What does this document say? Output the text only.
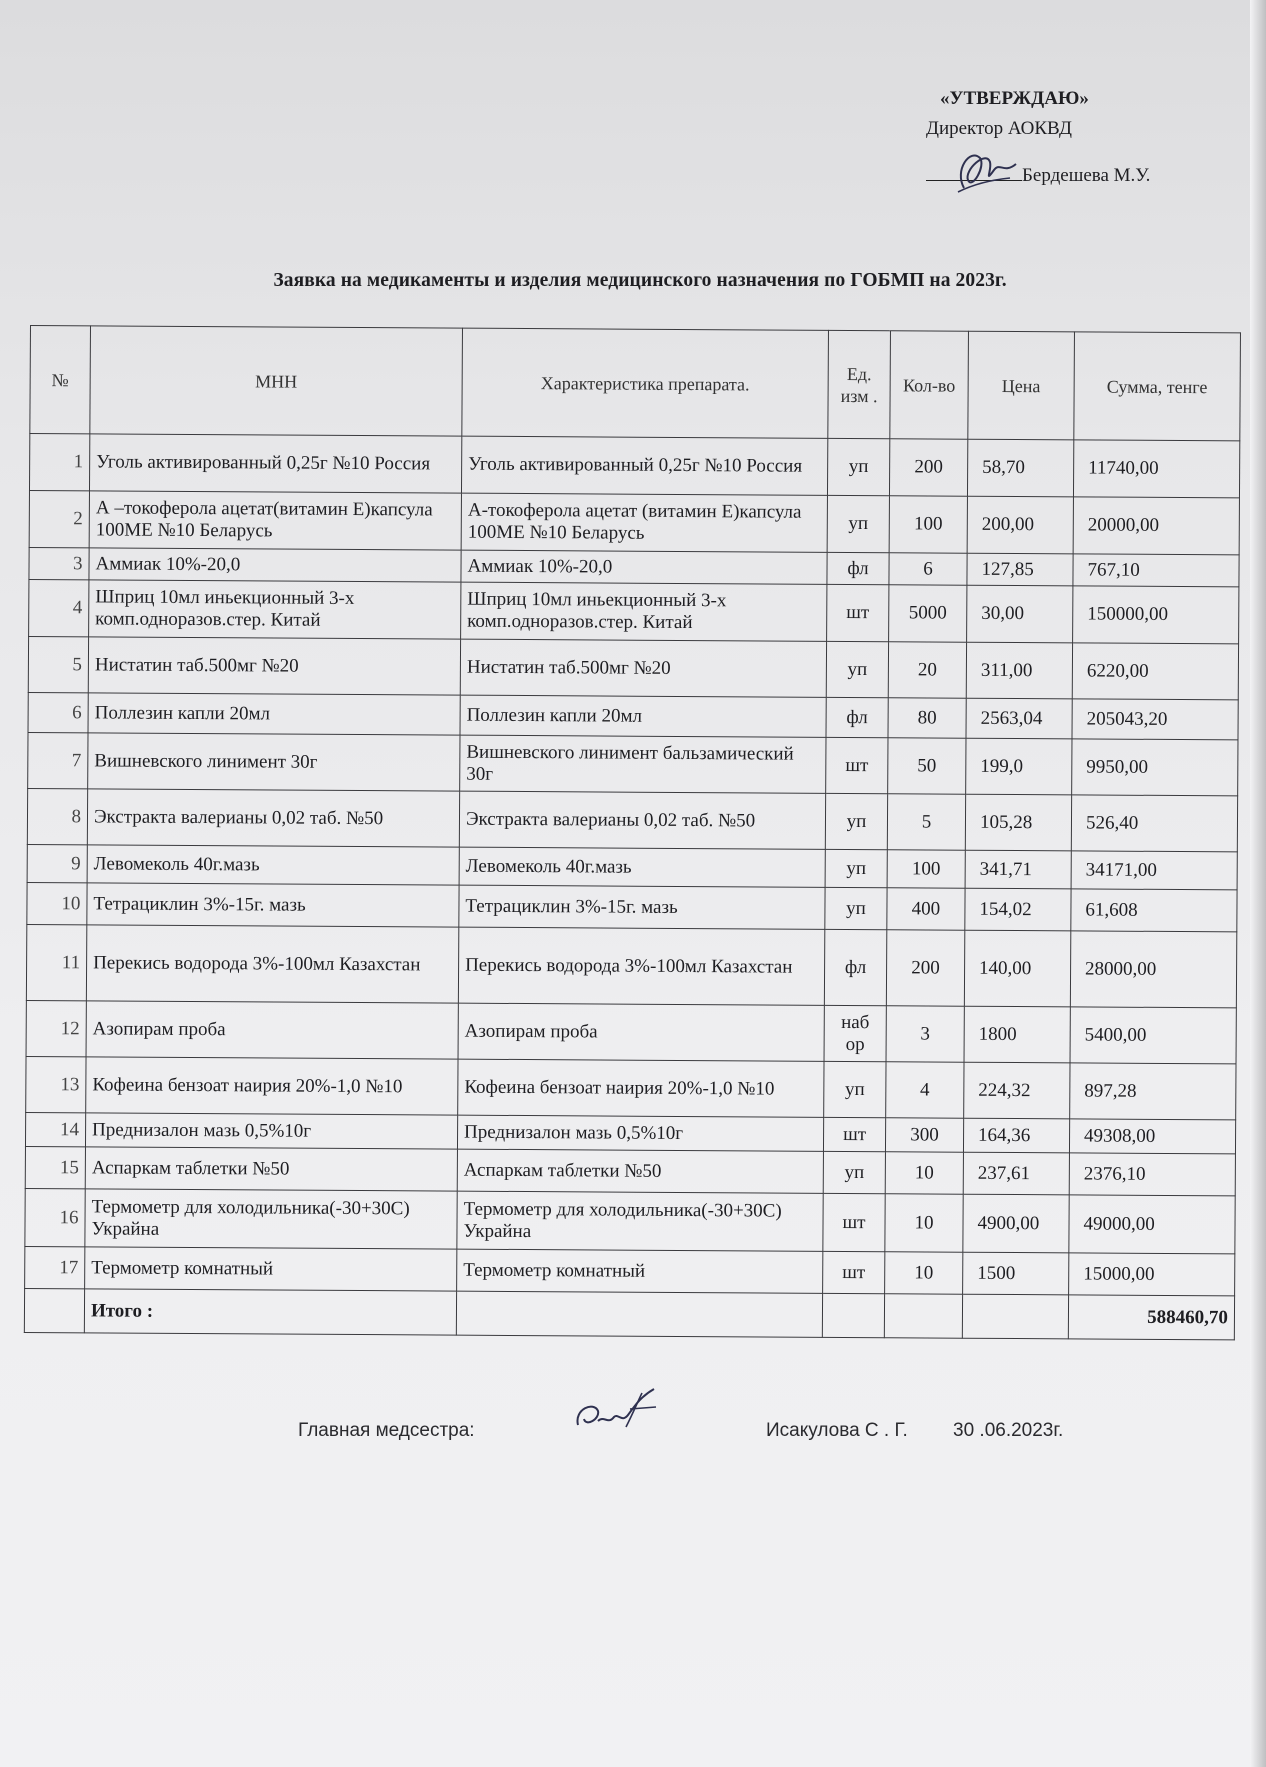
«УТВЕРЖДАЮ»
Директор АОКВД
Бердешева М.У.
Заявка на медикаменты и изделия медицинского назначения по ГОБМП на 2023г.
№	МНН	Характеристика препарата.	Ед. изм .	Кол-во	Цена	Сумма, тенге
1	Уголь активированный 0,25г №10 Россия	Уголь активированный 0,25г №10 Россия	уп	200	58,70	11740,00
2	А –токоферола ацетат(витамин Е)капсула 100МЕ №10 Беларусь	А-токоферола ацетат (витамин Е)капсула 100МЕ №10 Беларусь	уп	100	200,00	20000,00
3	Аммиак 10%-20,0	Аммиак 10%-20,0	фл	6	127,85	767,10
4	Шприц 10мл иньекционный 3-х комп.одноразов.стер. Китай	Шприц 10мл иньекционный 3-х комп.одноразов.стер. Китай	шт	5000	30,00	150000,00
5	Нистатин таб.500мг №20	Нистатин таб.500мг №20	уп	20	311,00	6220,00
6	Поллезин капли 20мл	Поллезин капли 20мл	фл	80	2563,04	205043,20
7	Вишневского линимент 30г	Вишневского линимент бальзамический 30г	шт	50	199,0	9950,00
8	Экстракта валерианы 0,02 таб. №50	Экстракта валерианы 0,02 таб. №50	уп	5	105,28	526,40
9	Левомеколь 40г.мазь	Левомеколь 40г.мазь	уп	100	341,71	34171,00
10	Тетрациклин 3%-15г. мазь	Тетрациклин 3%-15г. мазь	уп	400	154,02	61,608
11	Перекись водорода 3%-100мл Казахстан	Перекись водорода 3%-100мл Казахстан	фл	200	140,00	28000,00
12	Азопирам проба	Азопирам проба	наб ор	3	1800	5400,00
13	Кофеина бензоат наирия 20%-1,0 №10	Кофеина бензоат наирия 20%-1,0 №10	уп	4	224,32	897,28
14	Преднизалон мазь 0,5%10г	Преднизалон мазь 0,5%10г	шт	300	164,36	49308,00
15	Аспаркам таблетки №50	Аспаркам таблетки №50	уп	10	237,61	2376,10
16	Термометр для холодильника(-30+30С) Украйна	Термометр для холодильника(-30+30С) Украйна	шт	10	4900,00	49000,00
17	Термометр комнатный	Термометр комнатный	шт	10	1500	15000,00
	Итого :					588460,70
Главная медсестра:	Исакулова С . Г. 30 .06.2023г.
